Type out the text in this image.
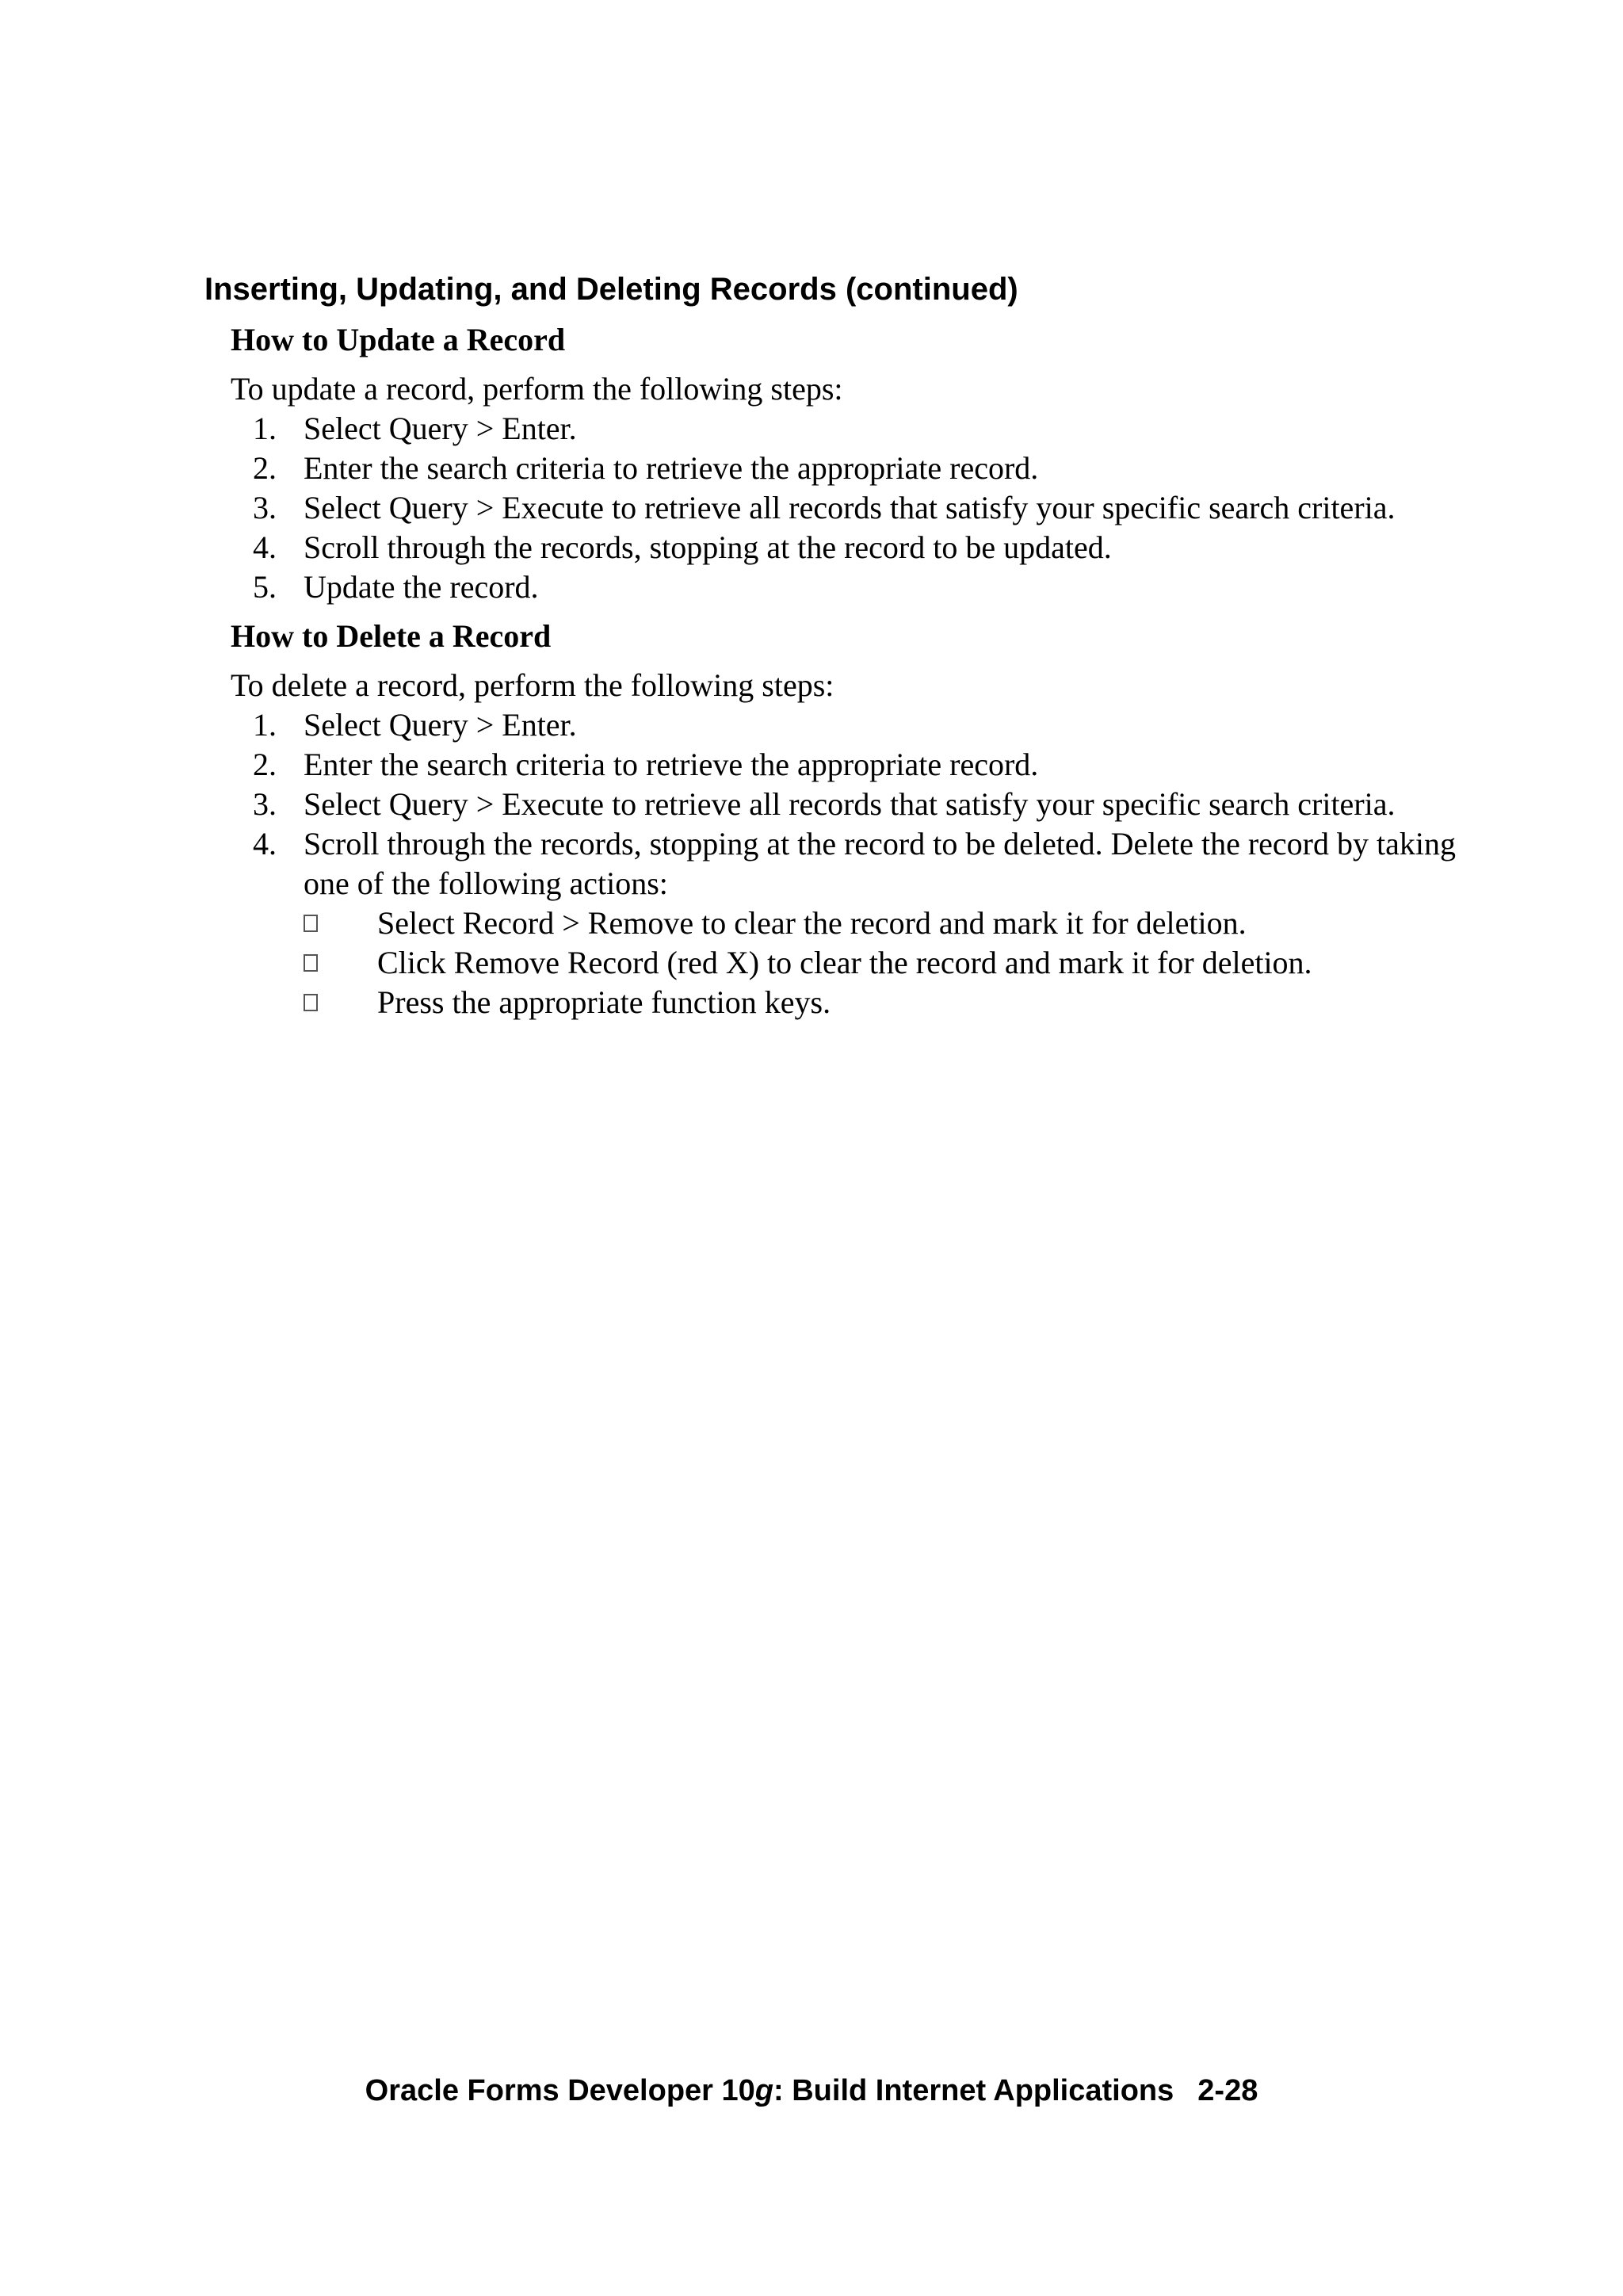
Inserting, Updating, and Deleting Records (continued)

How to Update a Record

To update a record, perform the following steps:

1. Select Query > Enter.
2. Enter the search criteria to retrieve the appropriate record.
3. Select Query > Execute to retrieve all records that satisfy your specific search criteria.
4. Scroll through the records, stopping at the record to be updated.
5. Update the record.

How to Delete a Record

To delete a record, perform the following steps:

1. Select Query > Enter.
2. Enter the search criteria to retrieve the appropriate record.
3. Select Query > Execute to retrieve all records that satisfy your specific search criteria.
4. Scroll through the records, stopping at the record to be deleted. Delete the record by taking one of the following actions:
Select Record > Remove to clear the record and mark it for deletion.
Click Remove Record (red X) to clear the record and mark it for deletion.
Press the appropriate function keys.
Oracle Forms Developer 10g: Build Internet Applications 2-28
